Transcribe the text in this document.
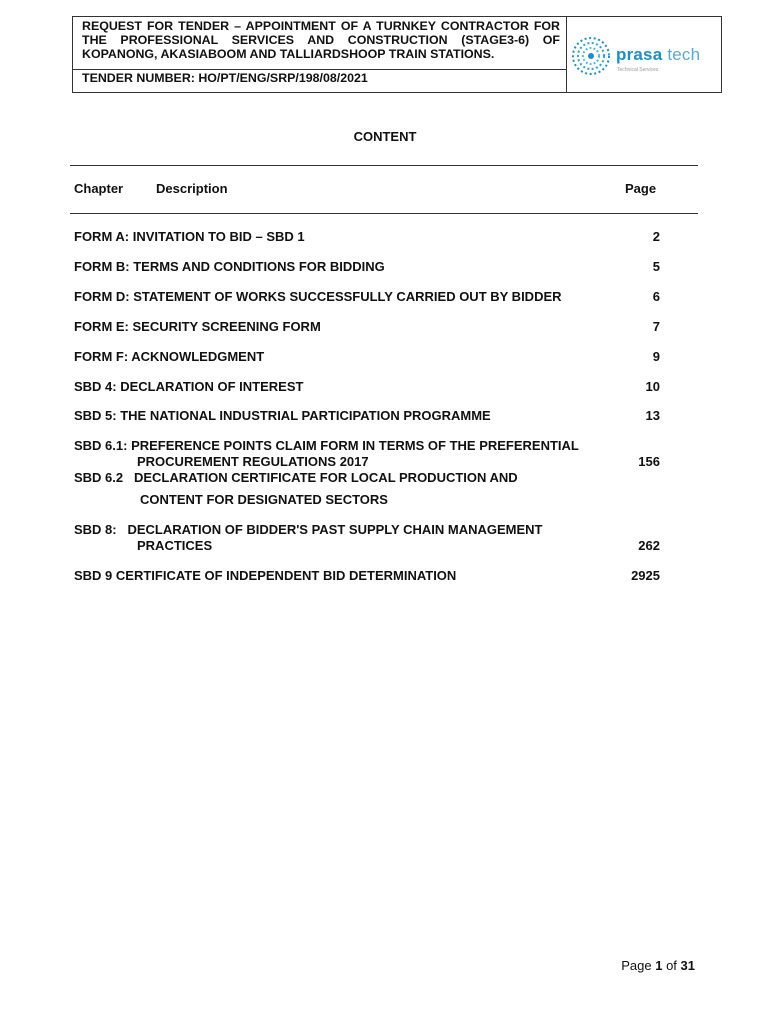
REQUEST FOR TENDER – APPOINTMENT OF A TURNKEY CONTRACTOR FOR THE PROFESSIONAL SERVICES AND CONSTRUCTION (STAGE3-6) OF KOPANONG, AKASIABOOM AND TALLIARDSHOOP TRAIN STATIONS.
TENDER NUMBER: HO/PT/ENG/SRP/198/08/2021
prasa tech
Technical Services
CONTENT
Chapter	Description	Page
FORM A: INVITATION TO BID – SBD 1	2
FORM B: TERMS AND CONDITIONS FOR BIDDING	5
FORM D: STATEMENT OF WORKS SUCCESSFULLY CARRIED OUT BY BIDDER	6
FORM E: SECURITY SCREENING FORM	7
FORM F: ACKNOWLEDGMENT	9
SBD 4: DECLARATION OF INTEREST	10
SBD 5: THE NATIONAL INDUSTRIAL PARTICIPATION PROGRAMME	13
SBD 6.1: PREFERENCE POINTS CLAIM FORM IN TERMS OF THE PREFERENTIAL
PROCUREMENT REGULATIONS 2017	156
SBD 6.2   DECLARATION CERTIFICATE FOR LOCAL PRODUCTION AND
CONTENT FOR DESIGNATED SECTORS
SBD 8:   DECLARATION OF BIDDER'S PAST SUPPLY CHAIN MANAGEMENT
PRACTICES	262
SBD 9 CERTIFICATE OF INDEPENDENT BID DETERMINATION	2925
Page 1 of 31
